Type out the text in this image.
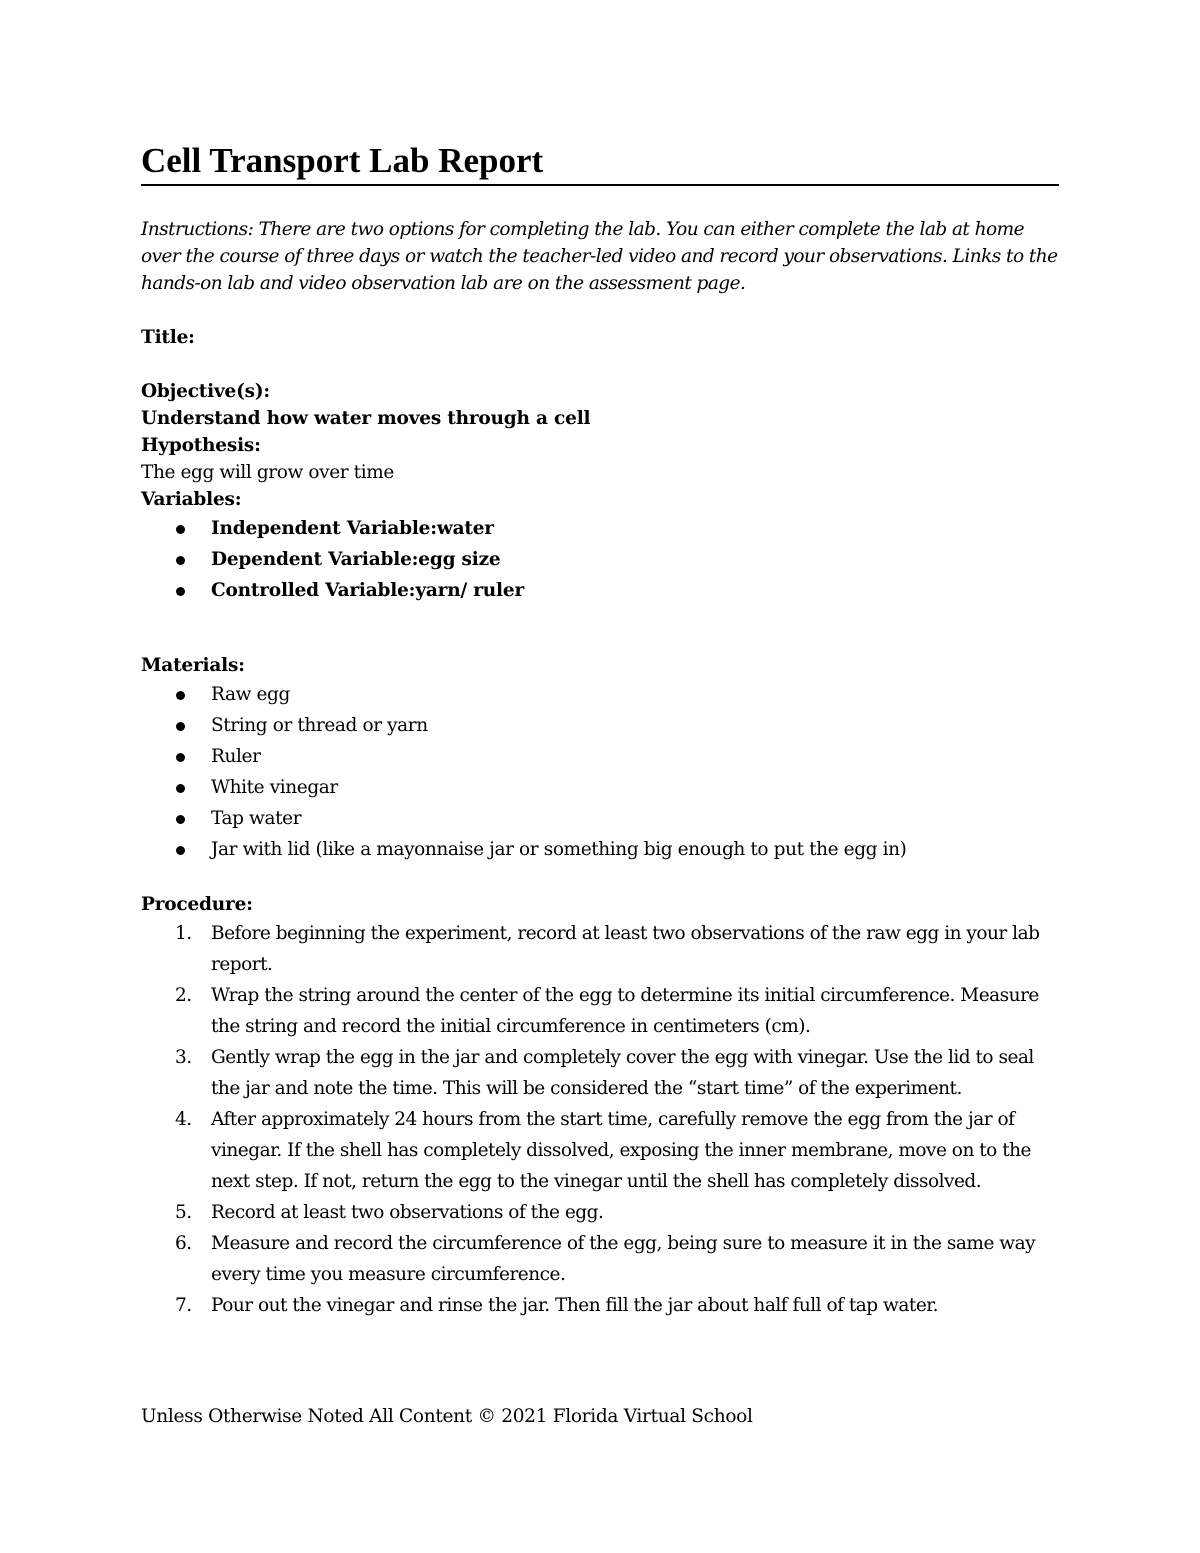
Cell Transport Lab Report

Instructions: There are two options for completing the lab. You can either complete the lab at home over the course of three days or watch the teacher-led video and record your observations. Links to the hands-on lab and video observation lab are on the assessment page.

Title:

Objective(s):

Understand how water moves through a cell

Hypothesis:

The egg will grow over time

Variables:

Independent Variable:water
Dependent Variable:egg size
Controlled Variable:yarn/ ruler

Materials:

Raw egg
String or thread or yarn
Ruler
White vinegar
Tap water
Jar with lid (like a mayonnaise jar or something big enough to put the egg in)

Procedure:

1. Before beginning the experiment, record at least two observations of the raw egg in your lab report.
2. Wrap the string around the center of the egg to determine its initial circumference. Measure the string and record the initial circumference in centimeters (cm).
3. Gently wrap the egg in the jar and completely cover the egg with vinegar. Use the lid to seal the jar and note the time. This will be considered the “start time” of the experiment.
4. After approximately 24 hours from the start time, carefully remove the egg from the jar of vinegar. If the shell has completely dissolved, exposing the inner membrane, move on to the next step. If not, return the egg to the vinegar until the shell has completely dissolved.
5. Record at least two observations of the egg.
6. Measure and record the circumference of the egg, being sure to measure it in the same way every time you measure circumference.
7. Pour out the vinegar and rinse the jar. Then fill the jar about half full of tap water.
Unless Otherwise Noted All Content © 2021 Florida Virtual School
